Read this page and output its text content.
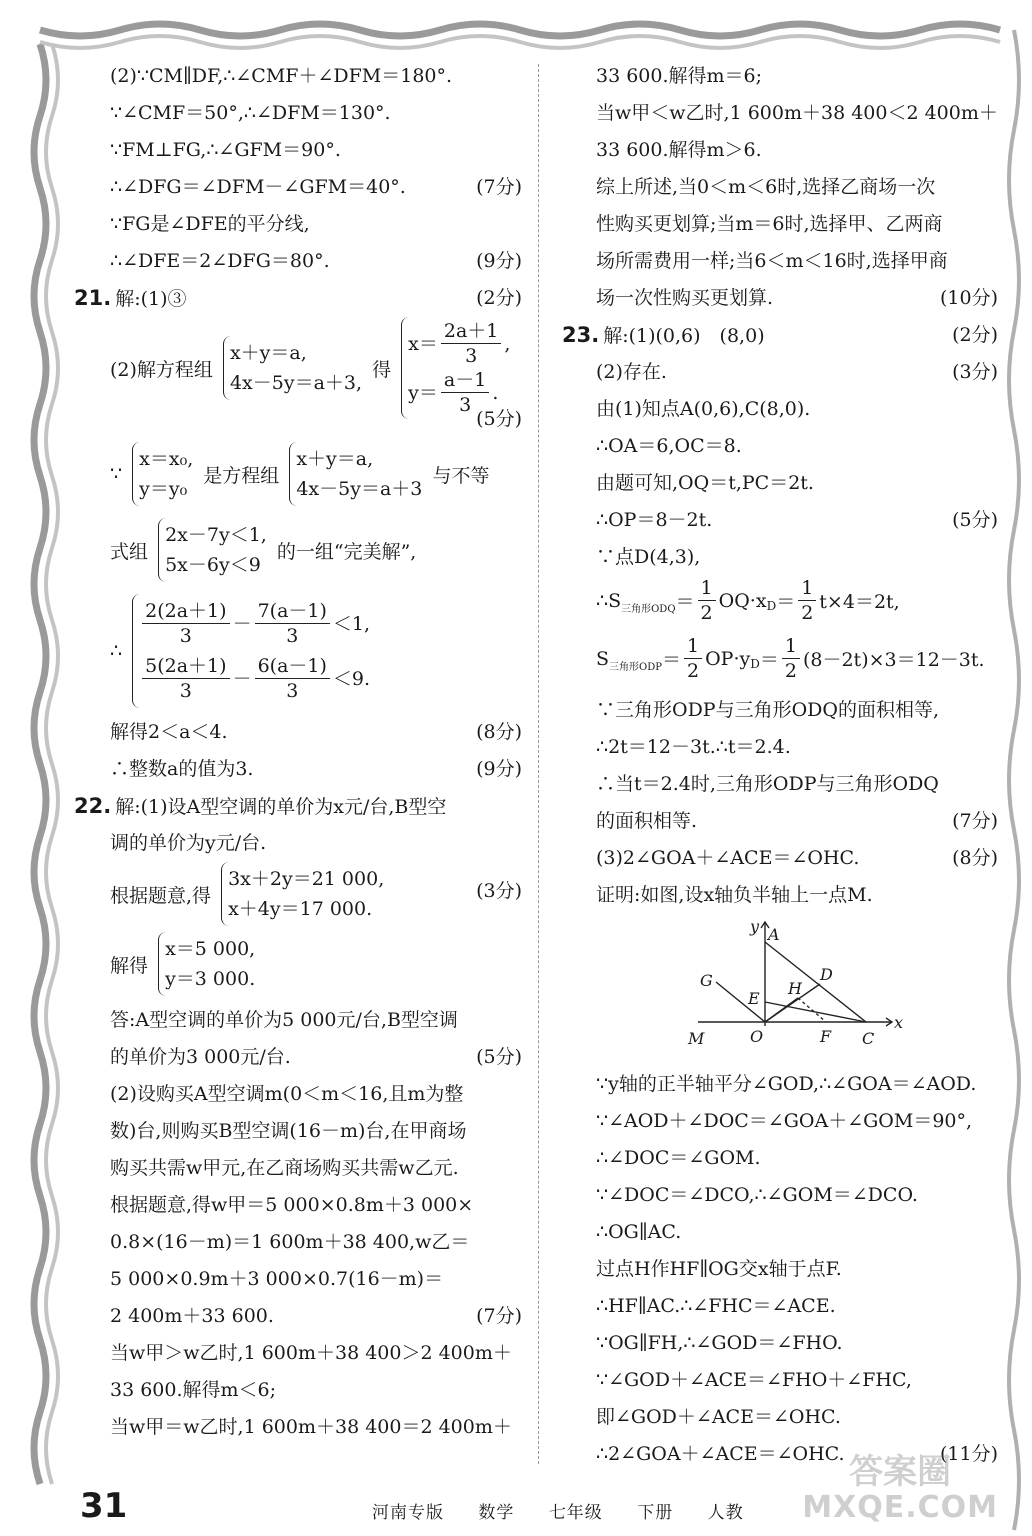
(2)∵CM∥DF,∴∠CMF＋∠DFM＝180°.
∵∠CMF＝50°,∴∠DFM＝130°.
∵FM⊥FG,∴∠GFM＝90°.
∴∠DFG＝∠DFM－∠GFM＝40°.	(7分)
∵FG是∠DFE的平分线,
∴∠DFE＝2∠DFG＝80°.	(9分)
21. 解:(1)③	(2分)
(2)解方程组
x＋y＝a,
4x－5y＝a＋3,
得
$x= \frac{2a+1}{3}$ ,
$y= \frac{a-1}{3}$ .
(5分)
∵
x＝x₀,
y＝y₀
是方程组
x＋y＝a,
4x－5y＝a＋3
与不等
式组
2x－7y＜1,
5x－6y＜9
的一组“完美解”,
∴
$\frac{2(2a+1)}{3} - \frac{7(a-1)}{3} <1$,
$\frac{5(2a+1)}{3} - \frac{6(a-1)}{3} <9$.
解得2＜a＜4.	(8分)
∴整数a的值为3.	(9分)
22. 解:(1)设A型空调的单价为x元/台,B型空
调的单价为y元/台.
根据题意,得
3x＋2y＝21 000,
x＋4y＝17 000.
(3分)
解得
x＝5 000,
y＝3 000.
答:A型空调的单价为5 000元/台,B型空调
的单价为3 000元/台.	(5分)
(2)设购买A型空调m(0＜m＜16,且m为整
数)台,则购买B型空调(16－m)台,在甲商场
购买共需w甲元,在乙商场购买共需w乙元.
根据题意,得w甲＝5 000×0.8m＋3 000×
0.8×(16－m)＝1 600m＋38 400,w乙＝
5 000×0.9m＋3 000×0.7(16－m)＝
2 400m＋33 600.	(7分)
当w甲＞w乙时,1 600m＋38 400＞2 400m＋
33 600.解得m＜6;
当w甲＝w乙时,1 600m＋38 400＝2 400m＋
33 600.解得m＝6;
当w甲＜w乙时,1 600m＋38 400＜2 400m＋
33 600.解得m＞6.
综上所述,当0＜m＜6时,选择乙商场一次
性购买更划算;当m＝6时,选择甲、乙两商
场所需费用一样;当6＜m＜16时,选择甲商
场一次性购买更划算.	(10分)
23. 解:(1)(0,6)　(8,0)	(2分)
(2)存在.	(3分)
由(1)知点A(0,6),C(8,0).
∴OA＝6,OC＝8.
由题可知,OQ＝t,PC＝2t.
∴OP＝8－2t.	(5分)
∵点D(4,3),
∴S三角形$ODQ= \frac{1}{2} OQ\cdot xD= \frac{1}{2} t\times 4=2t$,
S三角形$ODP= \frac{1}{2} OP\cdot yD= \frac{1}{2} (8-2t)\times 3=12-3t$.
∵三角形ODP与三角形ODQ的面积相等,
∴2t＝12－3t.∴t＝2.4.
∴当t＝2.4时,三角形ODP与三角形ODQ
的面积相等.	(7分)
(3)2∠GOA＋∠ACE＝∠OHC.	(8分)
证明:如图,设x轴负半轴上一点M.
y A
G
E
H
D
M	O	F C
x
∵y轴的正半轴平分∠GOD,∴∠GOA＝∠AOD.
∵∠AOD＋∠DOC＝∠GOA＋∠GOM＝90°,
∴∠DOC＝∠GOM.
∵∠DOC＝∠DCO,∴∠GOM＝∠DCO.
∴OG∥AC.
过点H作HF∥OG交x轴于点F.
∴HF∥AC.∴∠FHC＝∠ACE.
∵OG∥FH,∴∠GOD＝∠FHO.
∵∠GOD＋∠ACE＝∠FHO＋∠FHC,
即∠GOD＋∠ACE＝∠OHC.
∴2∠GOA＋∠ACE＝∠OHC.	(11分)
31	河南专版 数学 七年级 下册 人教
答案圈
MXQE.COM
